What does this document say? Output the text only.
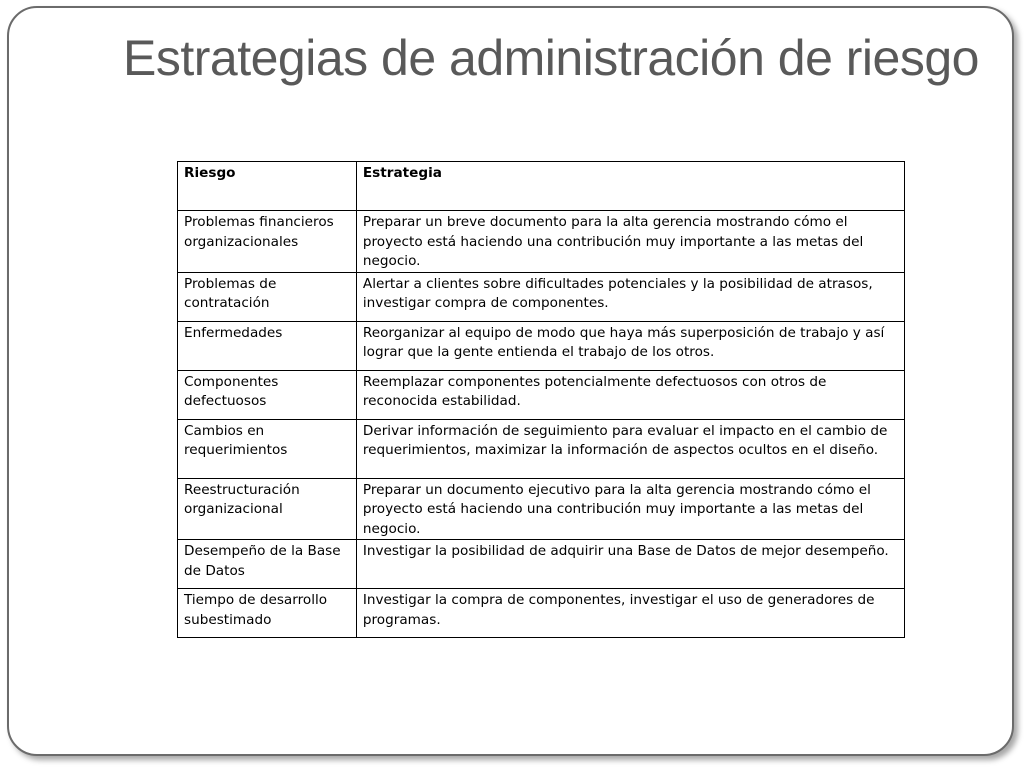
Estrategias de administración de riesgo
Riesgo	Estrategia
Problemas financieros organizacionales	Preparar un breve documento para la alta gerencia mostrando cómo el proyecto está haciendo una contribución muy importante a las metas del negocio.
Problemas de contratación	Alertar a clientes sobre dificultades potenciales y la posibilidad de atrasos, investigar compra de componentes.
Enfermedades	Reorganizar al equipo de modo que haya más superposición de trabajo y así lograr que la gente entienda el trabajo de los otros.
Componentes defectuosos	Reemplazar componentes potencialmente defectuosos con otros de reconocida estabilidad.
Cambios en requerimientos	Derivar información de seguimiento para evaluar el impacto en el cambio de requerimientos, maximizar la información de aspectos ocultos en el diseño.
Reestructuración organizacional	Preparar un documento ejecutivo para la alta gerencia mostrando cómo el proyecto está haciendo una contribución muy importante a las metas del negocio.
Desempeño de la Base de Datos	Investigar la posibilidad de adquirir una Base de Datos de mejor desempeño.
Tiempo de desarrollo subestimado	Investigar la compra de componentes, investigar el uso de generadores de programas.
